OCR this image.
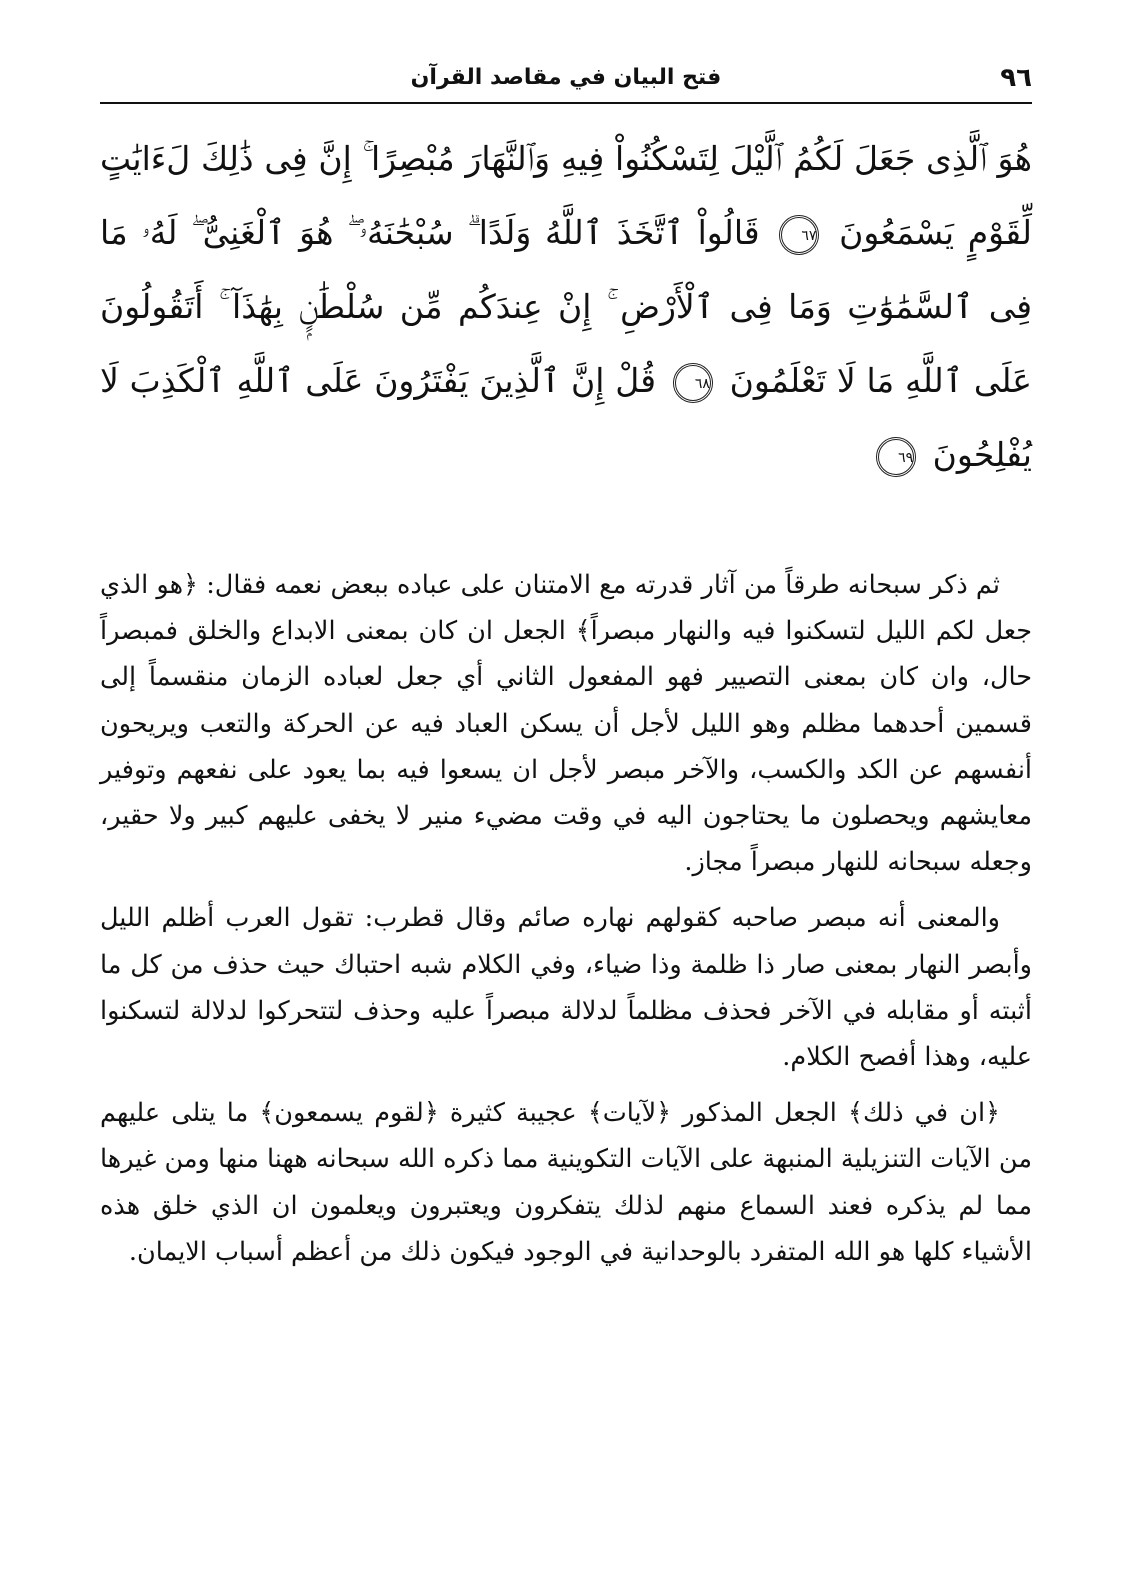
٩٦
فتح البيان في مقاصد القرآن
هُوَ ٱلَّذِى جَعَلَ لَكُمُ ٱلَّيْلَ لِتَسْكُنُواْ فِيهِ وَٱلنَّهَارَ مُبْصِرًا ۚ إِنَّ فِى ذَٰلِكَ لَءَايَٰتٍ لِّقَوْمٍ يَسْمَعُونَ ٦٧ قَالُواْ ٱتَّخَذَ ٱللَّهُ وَلَدًا ۗ سُبْحَٰنَهُۥ ۖ هُوَ ٱلْغَنِىُّ ۖ لَهُۥ مَا فِى ٱلسَّمَٰوَٰتِ وَمَا فِى ٱلْأَرْضِ ۚ إِنْ عِندَكُم مِّن سُلْطَٰنٍۭ بِهَٰذَآ ۚ أَتَقُولُونَ عَلَى ٱللَّهِ مَا لَا تَعْلَمُونَ ٦٨ قُلْ إِنَّ ٱلَّذِينَ يَفْتَرُونَ عَلَى ٱللَّهِ ٱلْكَذِبَ لَا يُفْلِحُونَ ٦٩

ثم ذكر سبحانه طرقاً من آثار قدرته مع الامتنان على عباده ببعض نعمه فقال: ﴿هو الذي جعل لكم الليل لتسكنوا فيه والنهار مبصراً﴾ الجعل ان كان بمعنى الابداع والخلق فمبصراً حال، وان كان بمعنى التصيير فهو المفعول الثاني أي جعل لعباده الزمان منقسماً إلى قسمين أحدهما مظلم وهو الليل لأجل أن يسكن العباد فيه عن الحركة والتعب ويريحون أنفسهم عن الكد والكسب، والآخر مبصر لأجل ان يسعوا فيه بما يعود على نفعهم وتوفير معايشهم ويحصلون ما يحتاجون اليه في وقت مضيء منير لا يخفى عليهم كبير ولا حقير، وجعله سبحانه للنهار مبصراً مجاز.

والمعنى أنه مبصر صاحبه كقولهم نهاره صائم وقال قطرب: تقول العرب أظلم الليل وأبصر النهار بمعنى صار ذا ظلمة وذا ضياء، وفي الكلام شبه احتباك حيث حذف من كل ما أثبته أو مقابله في الآخر فحذف مظلماً لدلالة مبصراً عليه وحذف لتتحركوا لدلالة لتسكنوا عليه، وهذا أفصح الكلام.

﴿ان في ذلك﴾ الجعل المذكور ﴿لآيات﴾ عجيبة كثيرة ﴿لقوم يسمعون﴾ ما يتلى عليهم من الآيات التنزيلية المنبهة على الآيات التكوينية مما ذكره الله سبحانه ههنا منها ومن غيرها مما لم يذكره فعند السماع منهم لذلك يتفكرون ويعتبرون ويعلمون ان الذي خلق هذه الأشياء كلها هو الله المتفرد بالوحدانية في الوجود فيكون ذلك من أعظم أسباب الايمان.
